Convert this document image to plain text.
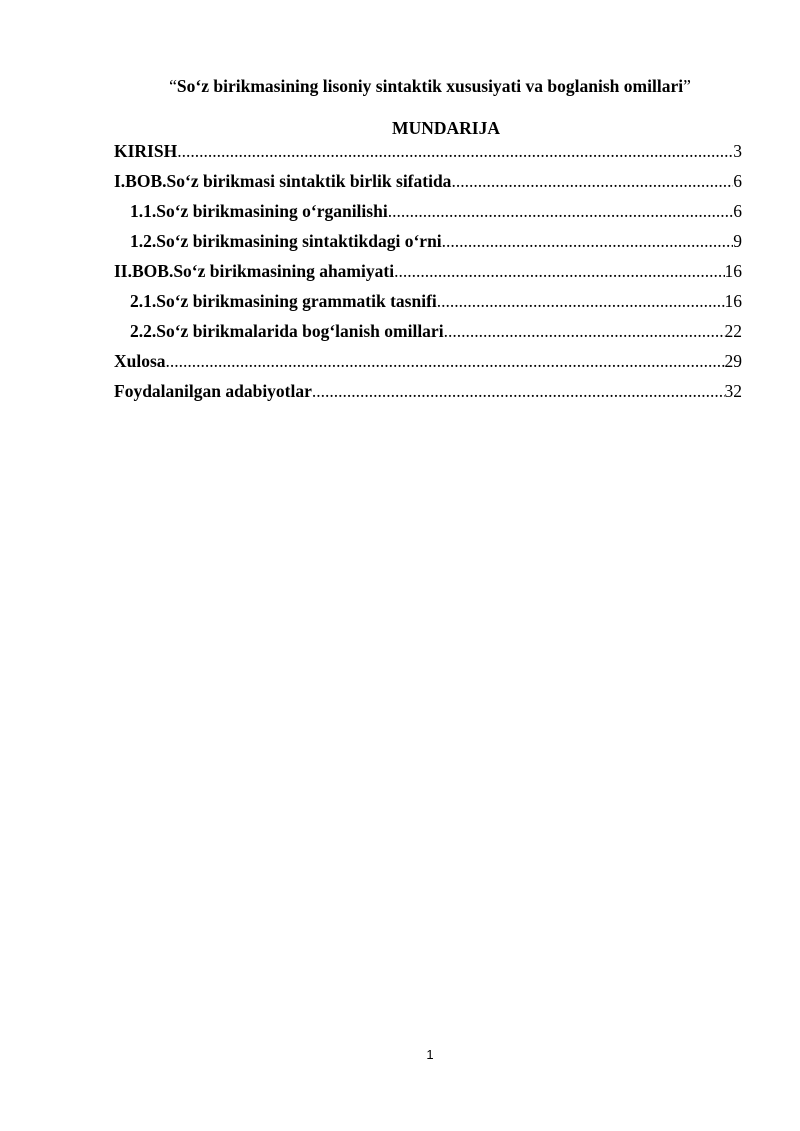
“So‘z birikmasining lisoniy sintaktik xususiyati va boglanish omillari”
MUNDARIJA
KIRISH .....	3
I.BOB.So‘z birikmasi sintaktik birlik sifatida .....	6
1.1.So‘z birikmasining o‘rganilishi .....	6
1.2.So‘z birikmasining sintaktikdagi o‘rni .....	9
II.BOB.So‘z birikmasining ahamiyati .....	16
2.1.So‘z birikmasining grammatik tasnifi .....	16
2.2.So‘z birikmalarida bog‘lanish omillari .....	22
Xulosa .....	29
Foydalanilgan adabiyotlar .....	32
1
